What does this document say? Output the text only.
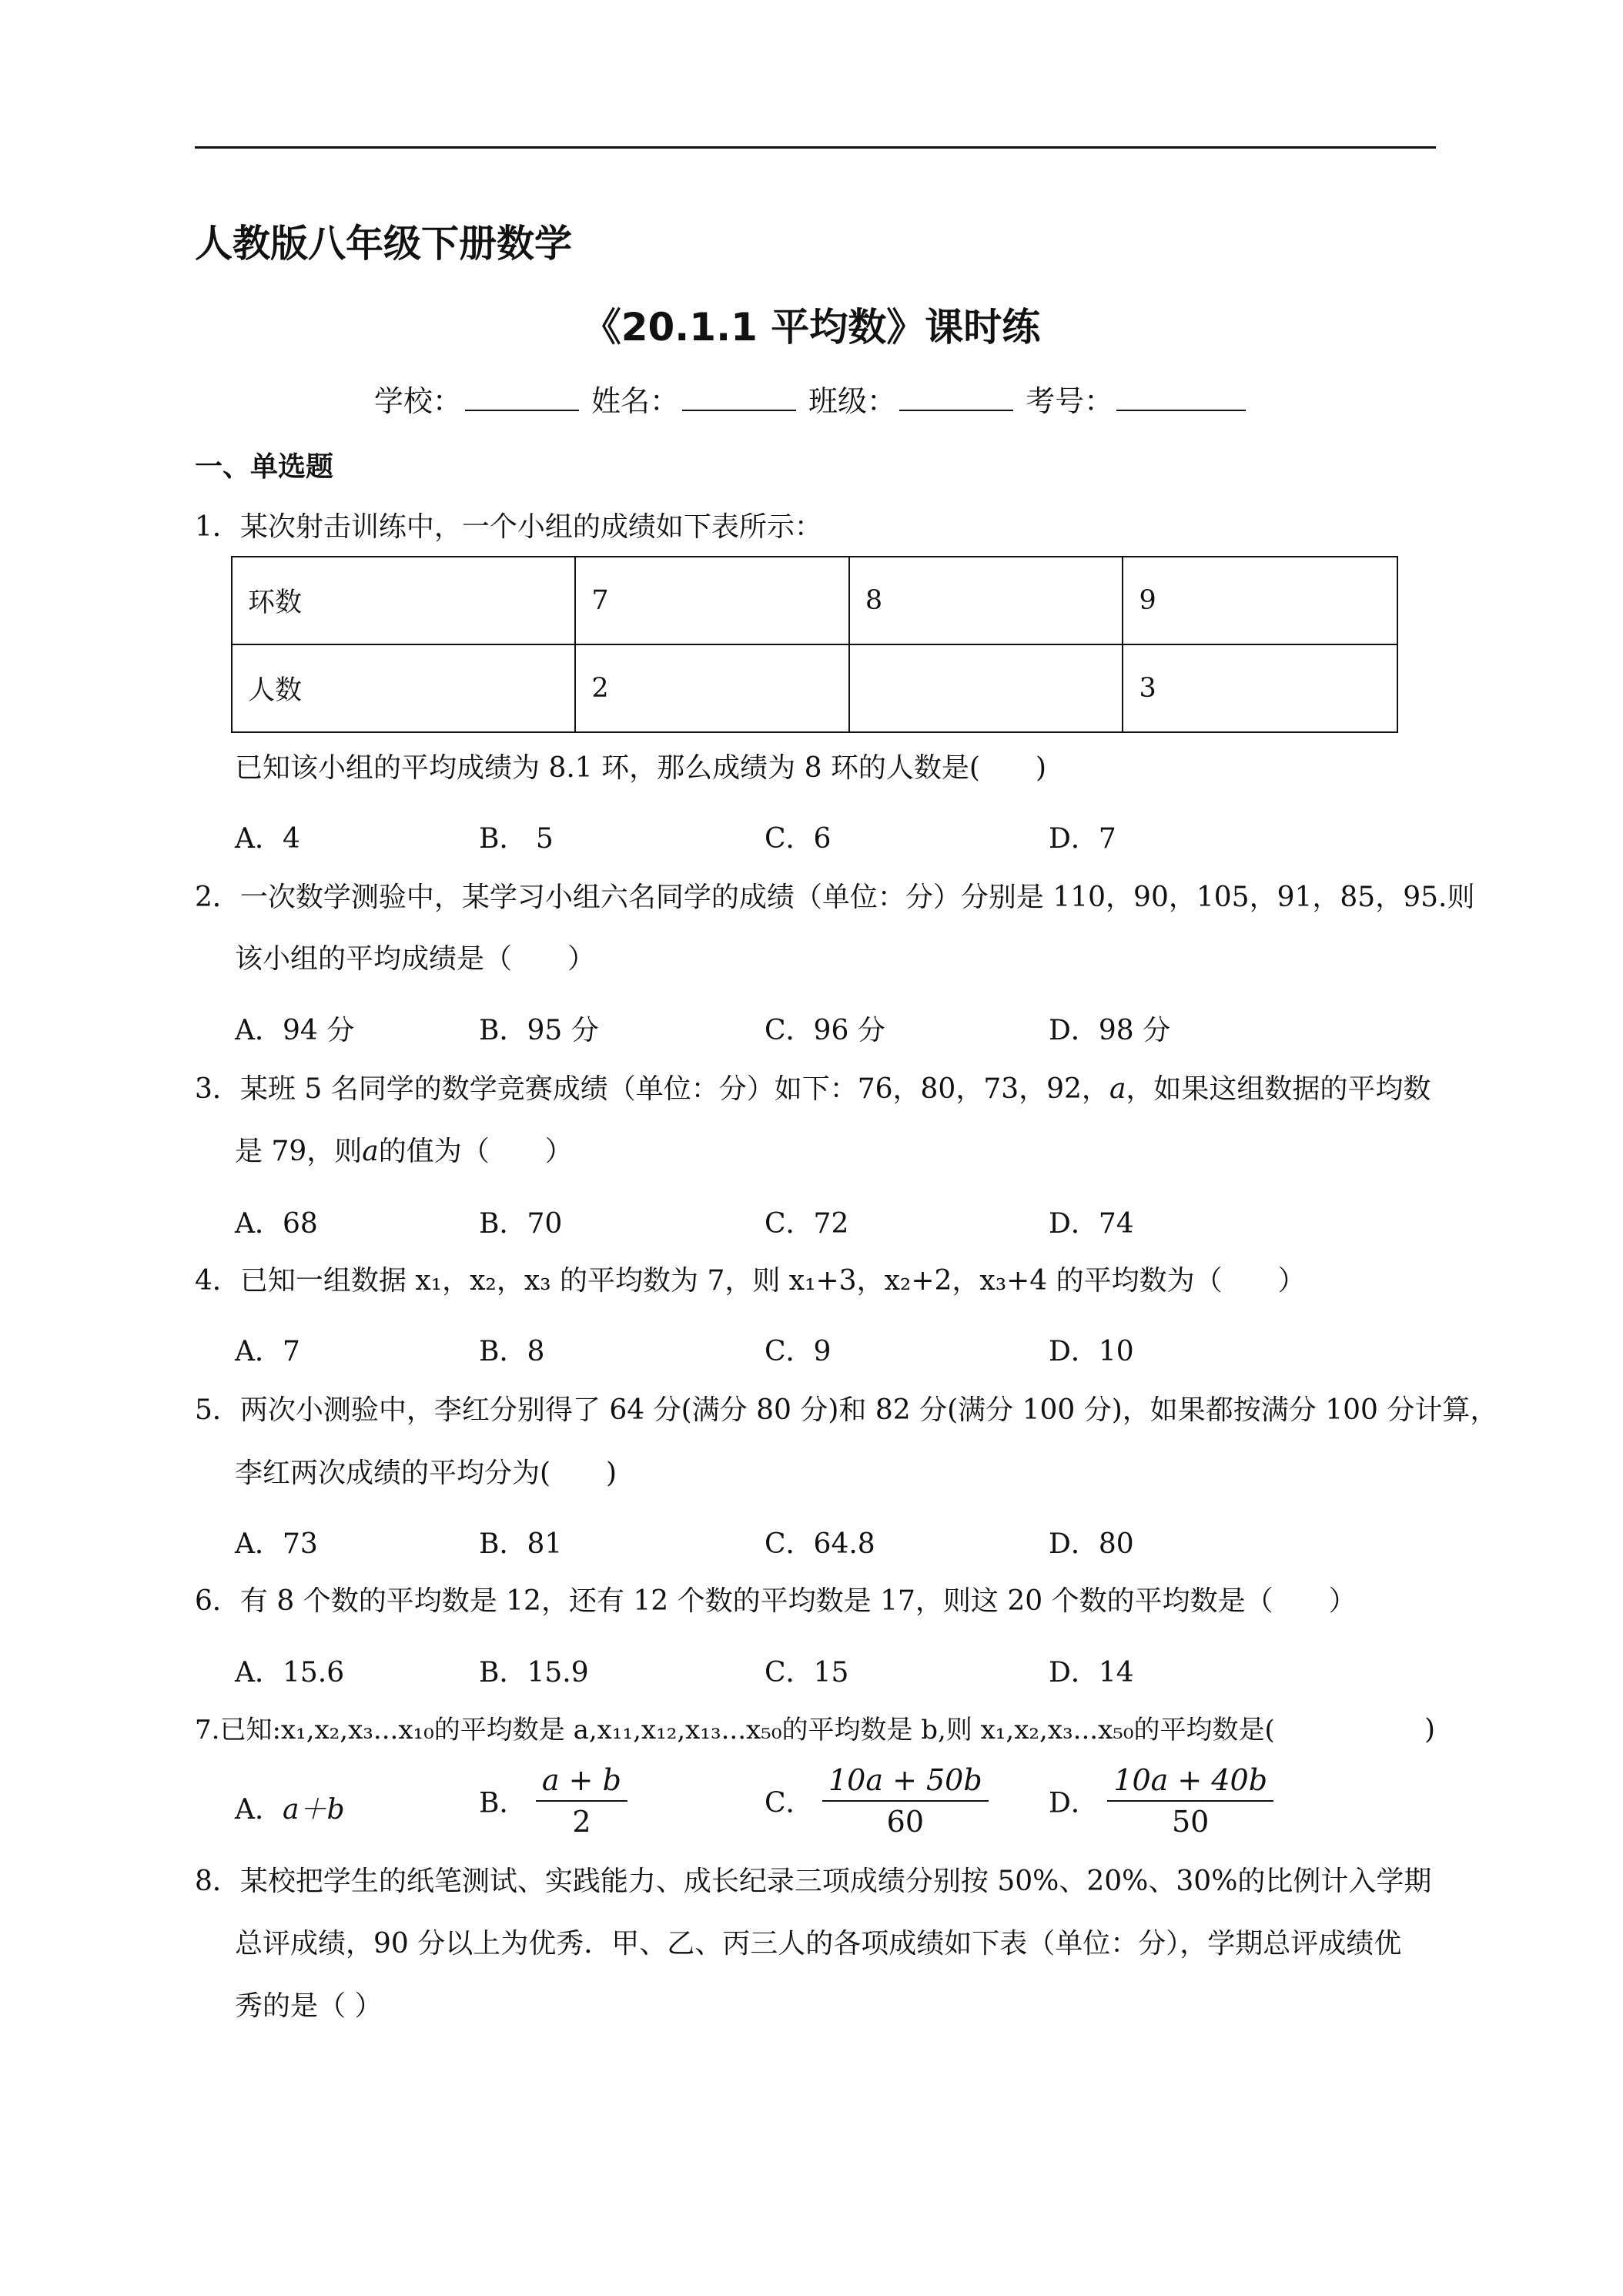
人教版八年级下册数学
《20.1.1 平均数》课时练
学校：	姓名：	班级：	考号：
一、单选题
1．某次射击训练中，一个小组的成绩如下表所示：
环数	7	8	9
人数	2		3
已知该小组的平均成绩为 8.1 环，那么成绩为 8 环的人数是(　　)
A．4	B． 5	C．6	D．7
2．一次数学测验中，某学习小组六名同学的成绩（单位：分）分别是 110，90，105，91，85，95.则
该小组的平均成绩是（　　）
A．94 分	B．95 分	C．96 分	D．98 分
3．某班 5 名同学的数学竞赛成绩（单位：分）如下：76，80，73，92，a，如果这组数据的平均数
是 79，则a的值为（　　）
A．68	B．70	C．72	D．74
4．已知一组数据 x₁，x₂，x₃ 的平均数为 7，则 x₁+3，x₂+2，x₃+4 的平均数为（　　）
A．7	B．8	C．9	D．10
5．两次小测验中，李红分别得了 64 分(满分 80 分)和 82 分(满分 100 分)，如果都按满分 100 分计算，
李红两次成绩的平均分为(　　)
A．73	B．81	C．64.8	D．80
6．有 8 个数的平均数是 12，还有 12 个数的平均数是 17，则这 20 个数的平均数是（　　）
A．15.6	B．15.9	C．15	D．14
7.已知:x₁,x₂,x₃...x₁₀的平均数是 a,x₁₁,x₁₂,x₁₃...x₅₀的平均数是 b,则 x₁,x₂,x₃...x₅₀的平均数是(	)
A．a＋b	B． $\frac{a + b}{2}$	C． $\frac{10a + 50b}{60}$ D． $\frac{10a + 40b}{50}$
8．某校把学生的纸笔测试、实践能力、成长纪录三项成绩分别按 50%、20%、30%的比例计入学期
总评成绩，90 分以上为优秀．甲、乙、丙三人的各项成绩如下表（单位：分），学期总评成绩优
秀的是（ ）
